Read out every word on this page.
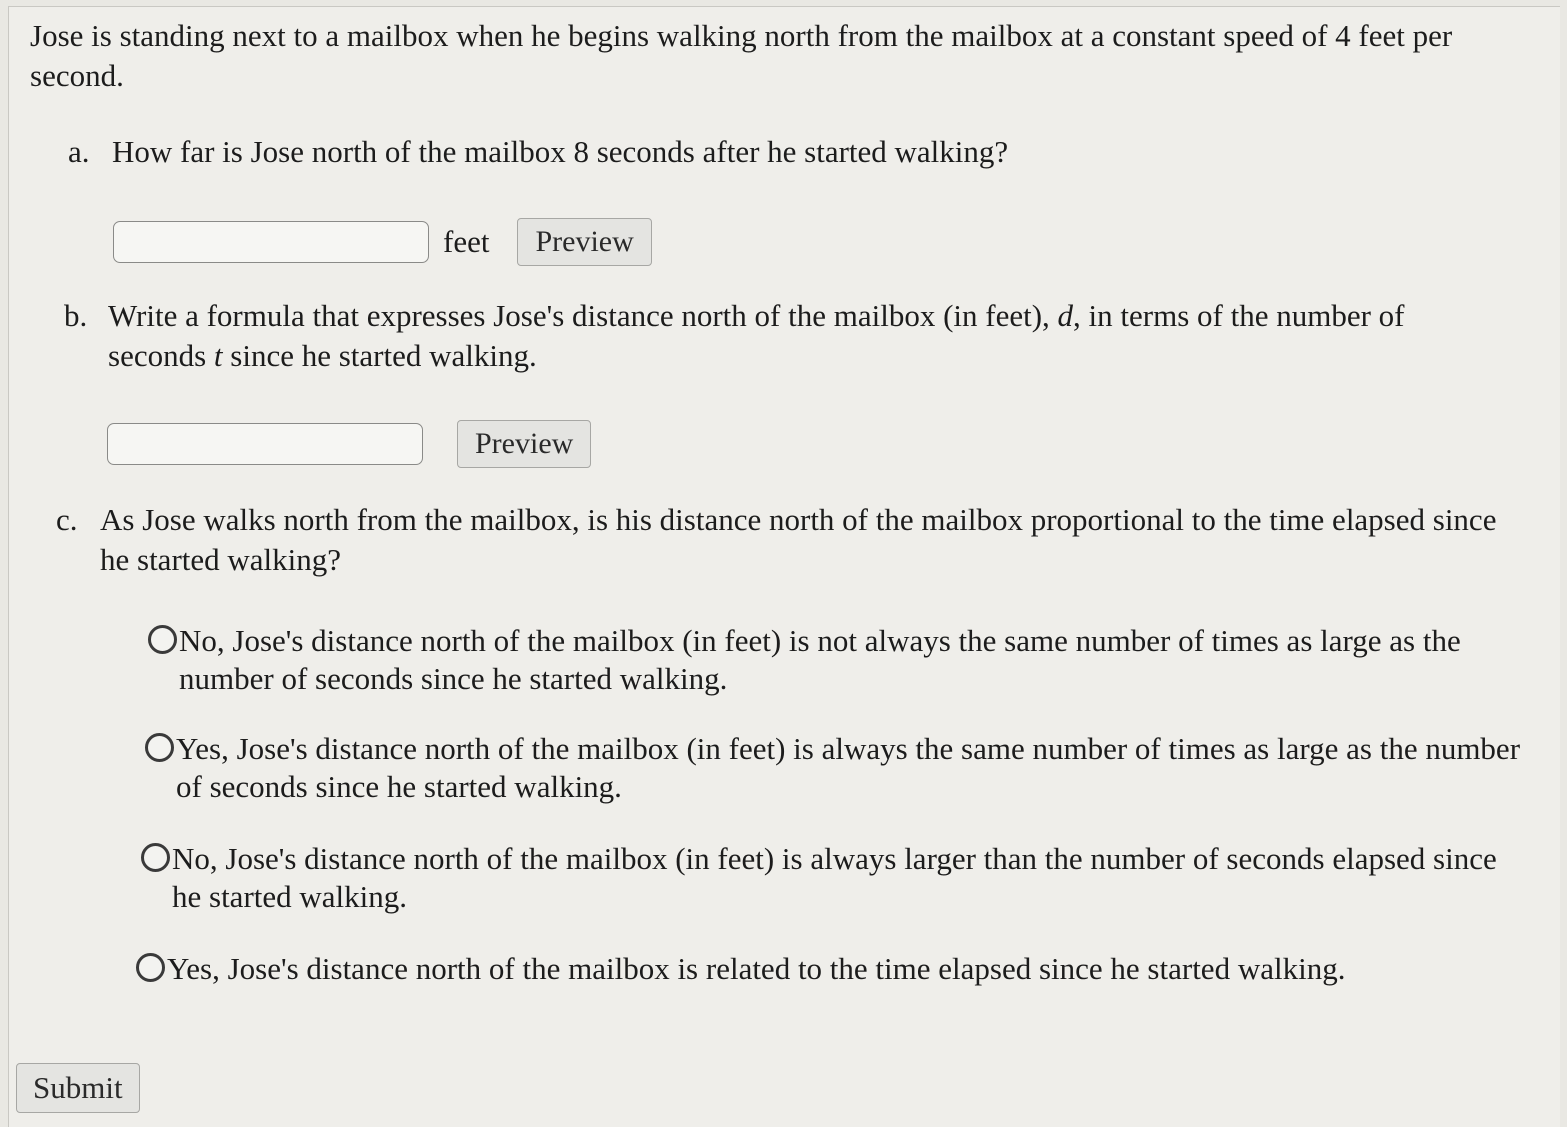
Jose is standing next to a mailbox when he begins walking north from the mailbox at a constant speed of 4 feet per second.
a. How far is Jose north of the mailbox 8 seconds after he started walking?
feet	Preview
b. Write a formula that expresses Jose's distance north of the mailbox (in feet), d, in terms of the number of seconds t since he started walking.
Preview
c. As Jose walks north from the mailbox, is his distance north of the mailbox proportional to the time elapsed since he started walking?
No, Jose's distance north of the mailbox (in feet) is not always the same number of times as large as the number of seconds since he started walking.
Yes, Jose's distance north of the mailbox (in feet) is always the same number of times as large as the number of seconds since he started walking.
No, Jose's distance north of the mailbox (in feet) is always larger than the number of seconds elapsed since he started walking.
Yes, Jose's distance north of the mailbox is related to the time elapsed since he started walking.
Submit
